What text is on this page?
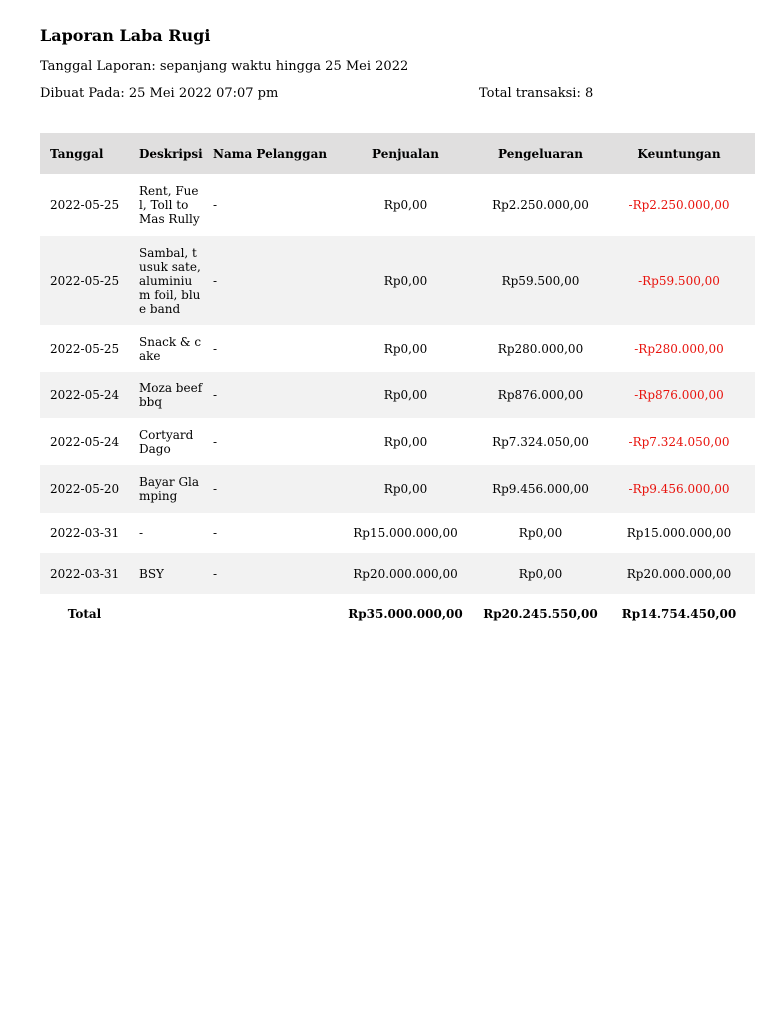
Laporan Laba Rugi
Tanggal Laporan: sepanjang waktu hingga 25 Mei 2022
Dibuat Pada: 25 Mei 2022 07:07 pm	Total transaksi: 8
Tanggal	Deskripsi	Nama Pelanggan	Penjualan	Pengeluaran	Keuntungan
2022-05-25	Rent, Fuel, Toll to Mas Rully	-	Rp0,00	Rp2.250.000,00	-Rp2.250.000,00
2022-05-25	Sambal, tusuk sate, aluminium foil, blue band	-	Rp0,00	Rp59.500,00	-Rp59.500,00
2022-05-25	Snack & cake	-	Rp0,00	Rp280.000,00	-Rp280.000,00
2022-05-24	Moza beef bbq	-	Rp0,00	Rp876.000,00	-Rp876.000,00
2022-05-24	Cortyard Dago	-	Rp0,00	Rp7.324.050,00	-Rp7.324.050,00
2022-05-20	Bayar Glamping	-	Rp0,00	Rp9.456.000,00	-Rp9.456.000,00
2022-03-31	-	-	Rp15.000.000,00	Rp0,00	Rp15.000.000,00
2022-03-31	BSY	-	Rp20.000.000,00	Rp0,00	Rp20.000.000,00
Total			Rp35.000.000,00	Rp20.245.550,00	Rp14.754.450,00
